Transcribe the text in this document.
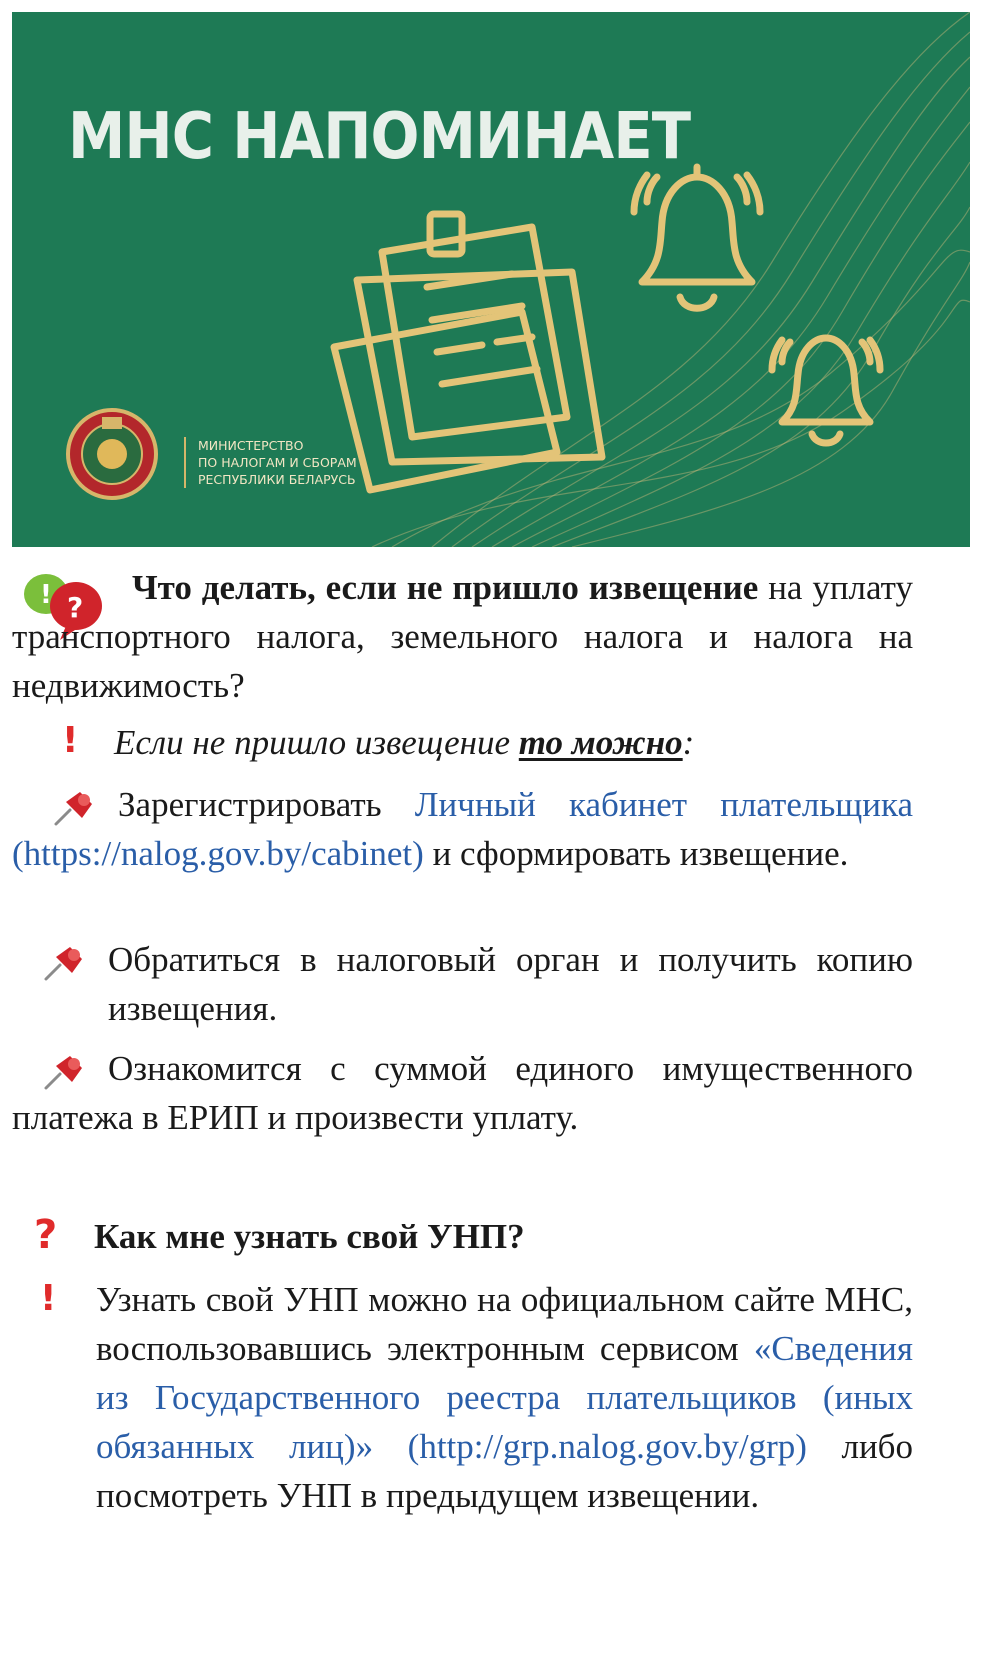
МНС НАПОМИНАЕТ
МИНИСТЕРСТВО
ПО НАЛОГАМ И СБОРАМ
РЕСПУБЛИКИ БЕЛАРУСЬ
! ?

Что делать, если не пришло извещение на уплату транспортного налога, земельного налога и налога на недвижимость?

! Если не пришло извещение то можно:

Зарегистрировать Личный кабинет плательщика (https://nalog.gov.by/cabinet) и сформировать извещение.

Обратиться в налоговый орган и получить копию извещения.

Ознакомится с суммой единого имущественного платежа в ЕРИП и произвести уплату.

? Как мне узнать свой УНП?

! Узнать свой УНП можно на официальном сайте МНС, воспользовавшись электронным сервисом «Сведения из Государственного реестра плательщиков (иных обязанных лиц)» (http://grp.nalog.gov.by/grp) либо посмотреть УНП в предыдущем извещении.
